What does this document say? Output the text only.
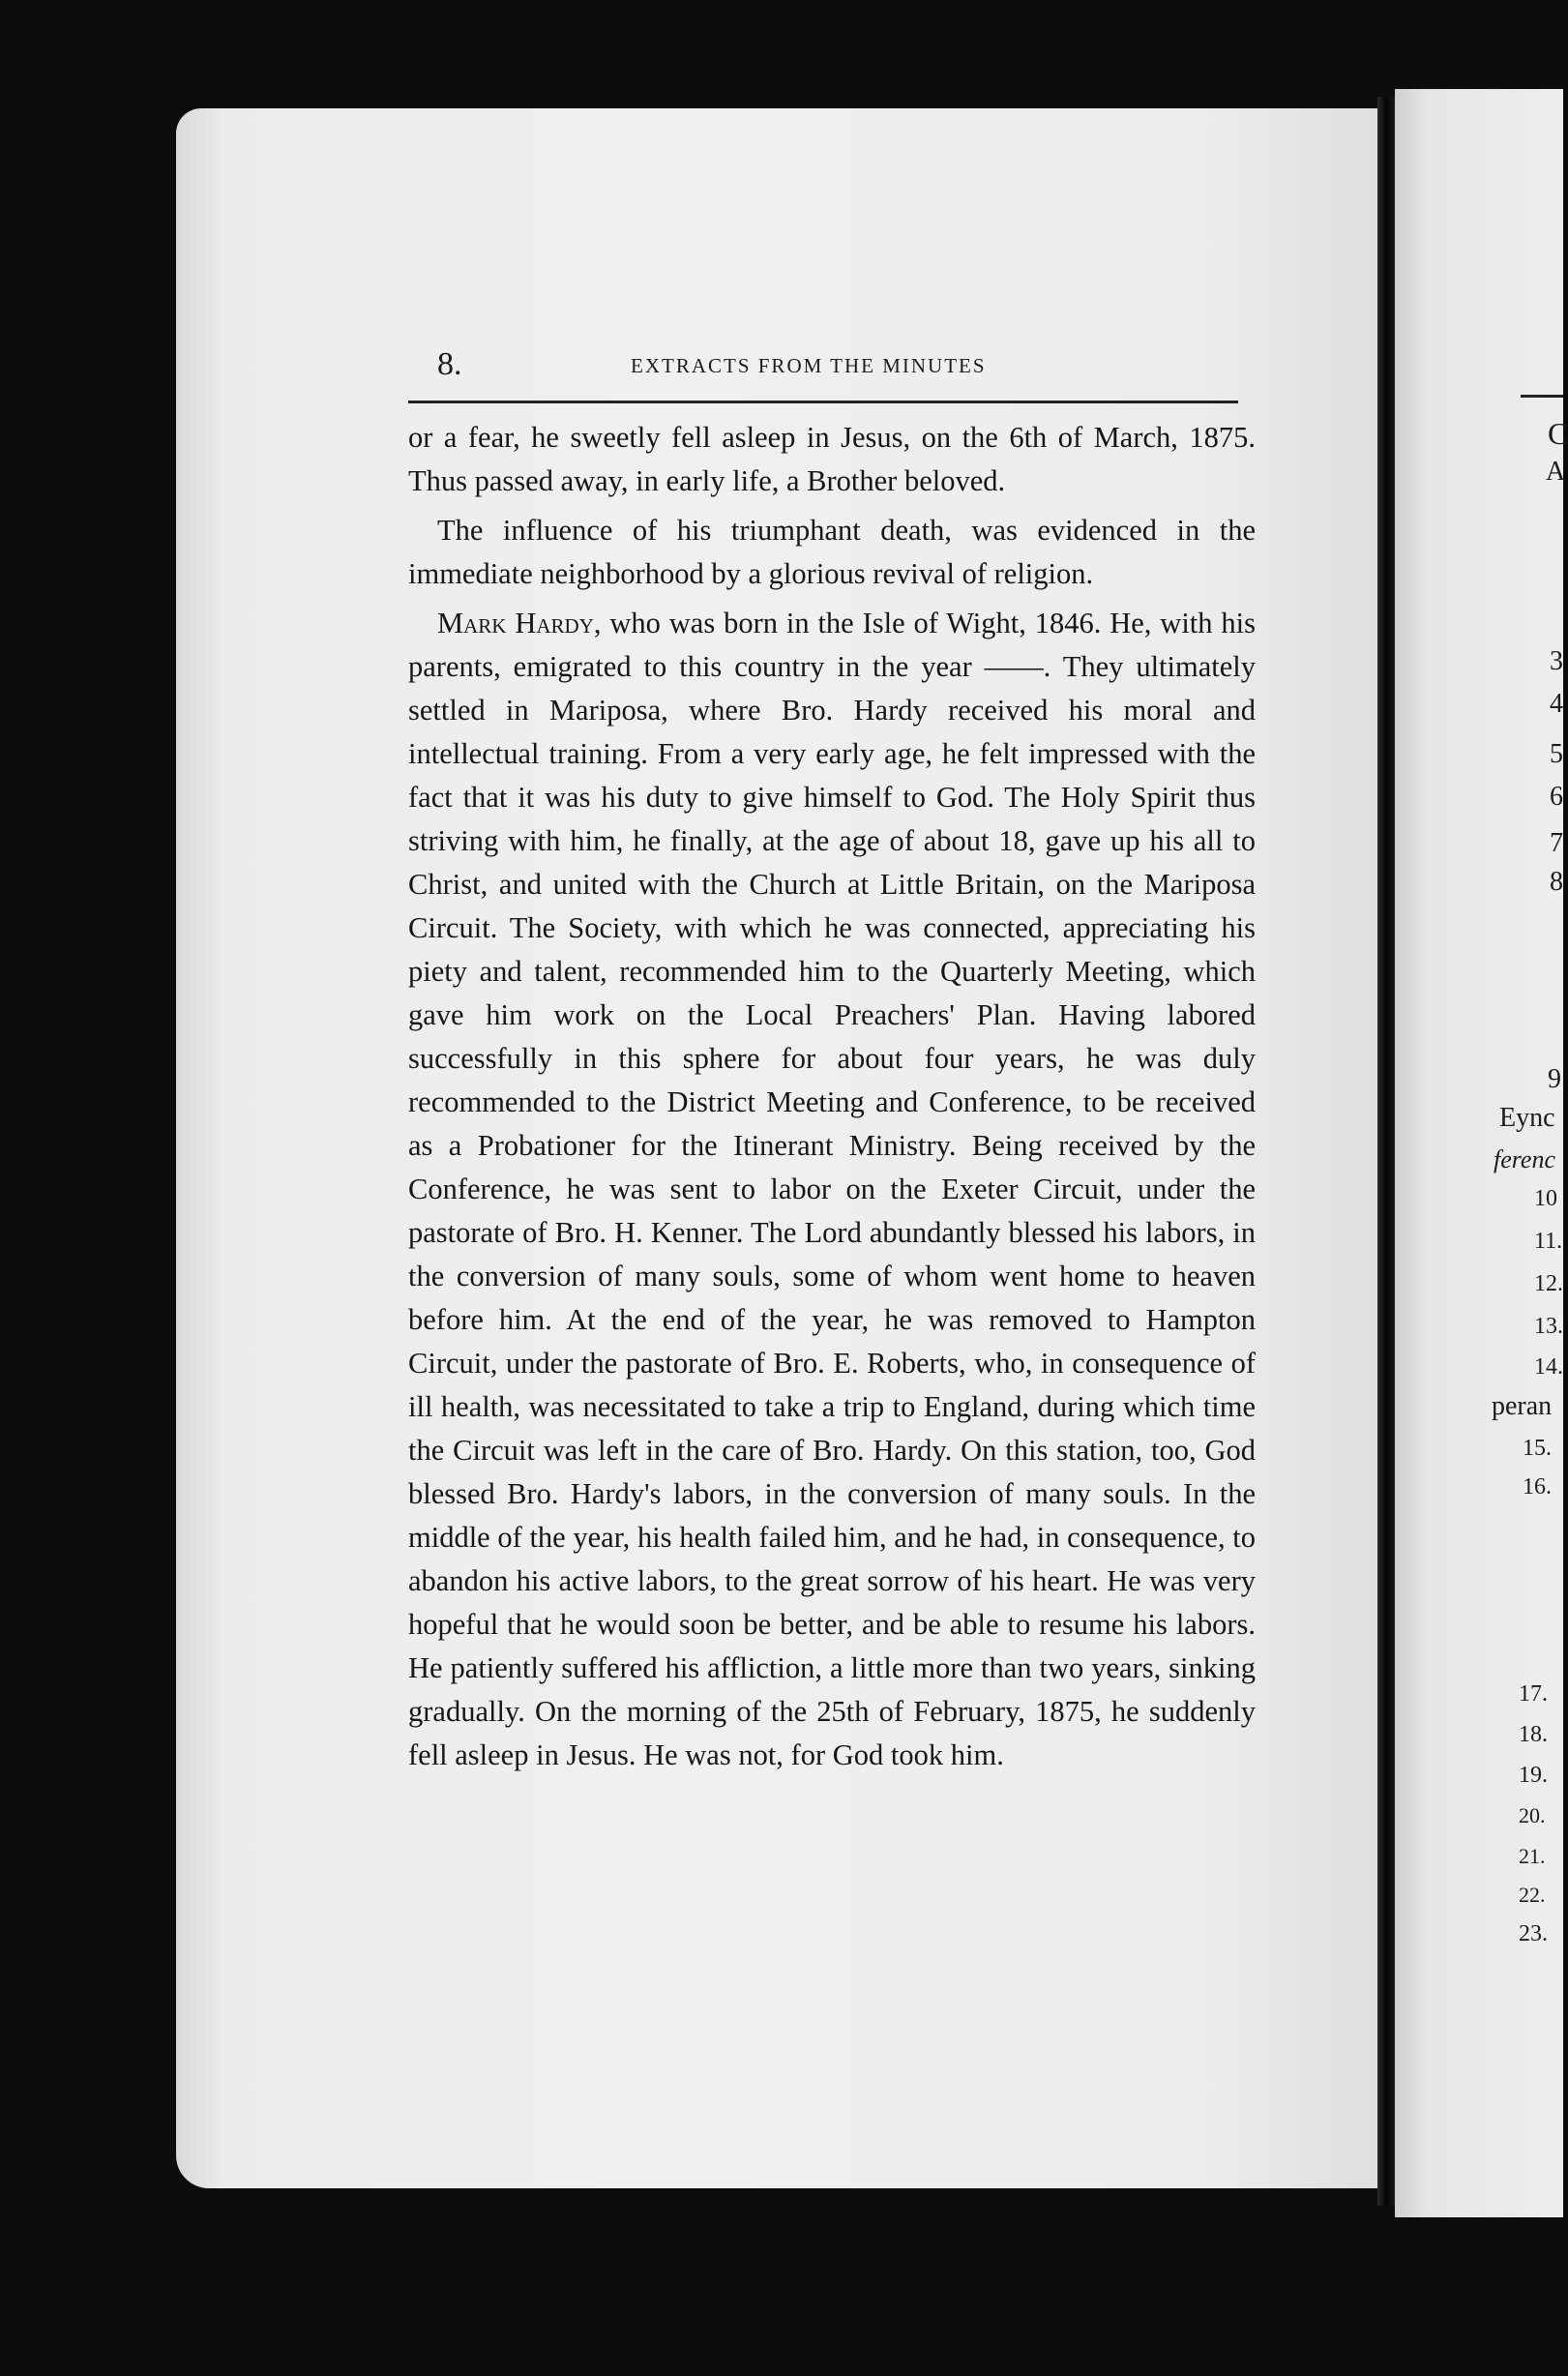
8.	EXTRACTS FROM THE MINUTES

or a fear, he sweetly fell asleep in Jesus, on the 6th of March, 1875. Thus passed away, in early life, a Brother beloved.

The influence of his triumphant death, was evidenced in the immediate neighborhood by a glorious revival of religion.

Mark Hardy, who was born in the Isle of Wight, 1846. He, with his parents, emigrated to this country in the year ——. They ultimately settled in Mariposa, where Bro. Hardy received his moral and intellectual training. From a very early age, he felt impressed with the fact that it was his duty to give himself to God. The Holy Spirit thus striving with him, he finally, at the age of about 18, gave up his all to Christ, and united with the Church at Little Britain, on the Mariposa Circuit. The Society, with which he was connected, appreciating his piety and talent, recommended him to the Quarterly Meeting, which gave him work on the Local Preachers' Plan. Having labored successfully in this sphere for about four years, he was duly recommended to the District Meeting and Conference, to be received as a Probationer for the Itinerant Ministry. Being received by the Conference, he was sent to labor on the Exeter Circuit, under the pastorate of Bro. H. Kenner. The Lord abundantly blessed his labors, in the conversion of many souls, some of whom went home to heaven before him. At the end of the year, he was removed to Hampton Circuit, under the pastorate of Bro. E. Roberts, who, in consequence of ill health, was necessitated to take a trip to England, during which time the Circuit was left in the care of Bro. Hardy. On this station, too, God blessed Bro. Hardy's labors, in the conversion of many souls. In the middle of the year, his health failed him, and he had, in consequence, to abandon his active labors, to the great sorrow of his heart. He was very hopeful that he would soon be better, and be able to resume his labors. He patiently suffered his affliction, a little more than two years, sinking gradually. On the morning of the 25th of February, 1875, he suddenly fell asleep in Jesus. He was not, for God took him.

C
A
3
4
5
6
7
8
9
Eync
ferenc
10
11.
12.
13.
14.
peran
15.
16.
17.
18.
19.
20.
21.
22.
23.
